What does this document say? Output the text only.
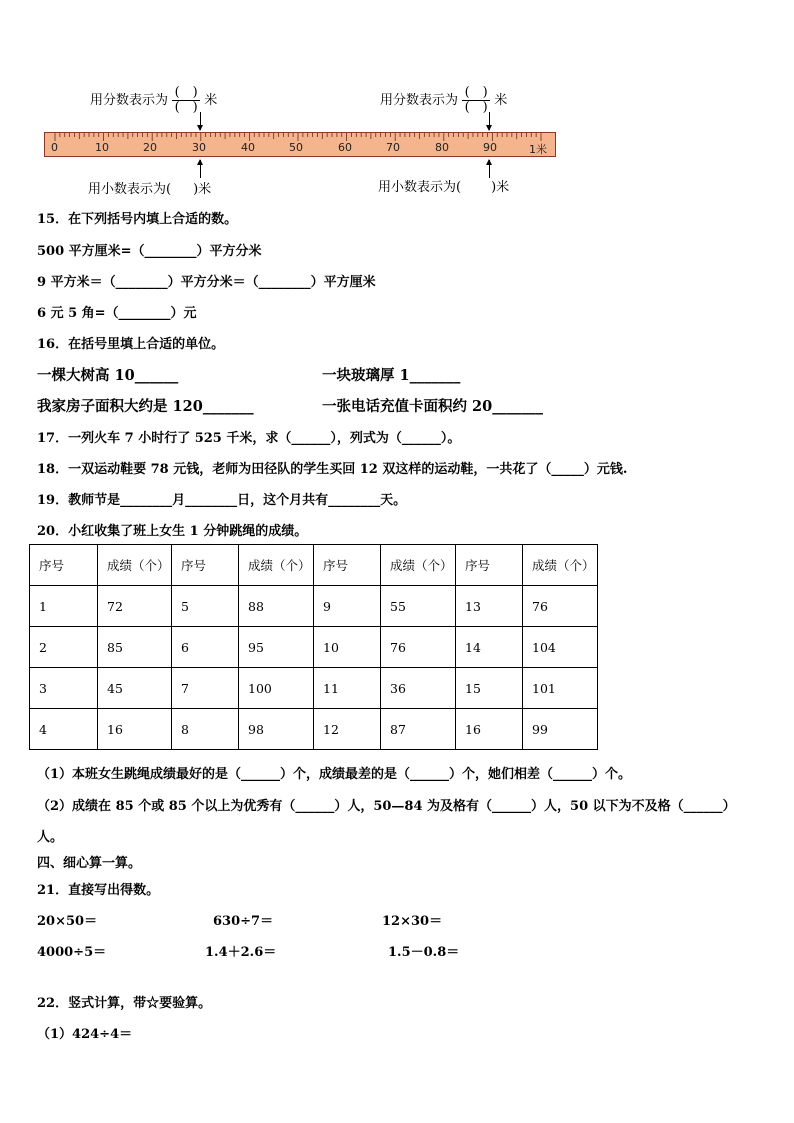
用分数表示为 (　 )
(　 ) 米	用分数表示为 (　 )
(　 ) 米
0	10	20	30	40	50	60	70	80	90	1米
用小数表示为( )米	用小数表示为( )米
15．在下列括号内填上合适的数。
500 平方厘米=（________）平方分米
9 平方米＝（________）平方分米＝（________）平方厘米
6 元 5 角=（________）元
16．在括号里填上合适的单位。
一棵大树高 10______	一块玻璃厚 1_______
我家房子面积大约是 120_______	一张电话充值卡面积约 20_______
17．一列火车 7 小时行了 525 千米，求（______），列式为（______）。
18．一双运动鞋要 78 元钱，老师为田径队的学生买回 12 双这样的运动鞋，一共花了（_____）元钱.
19．教师节是________月________日，这个月共有________天。
20．小红收集了班上女生 1 分钟跳绳的成绩。
序号	成绩（个）	序号	成绩（个）	序号	成绩（个）	序号	成绩（个）
1	72	5	88	9	55	13	76
2	85	6	95	10	76	14	104
3	45	7	100	11	36	15	101
4	16	8	98	12	87	16	99
（1）本班女生跳绳成绩最好的是（______）个，成绩最差的是（______）个，她们相差（______）个。
（2）成绩在 85 个或 85 个以上为优秀有（______）人，50—84 为及格有（______）人，50 以下为不及格（______）
人。
四、细心算一算。
21．直接写出得数。
20×50＝	630÷7＝	12×30＝
4000÷5＝	1.4＋2.6＝	1.5－0.8＝
22．竖式计算，带☆要验算。
（1）424÷4＝
